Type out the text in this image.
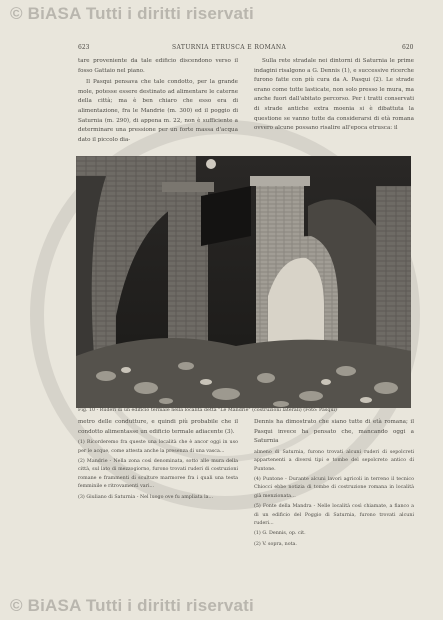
© BiASA Tutti i diritti riservati
623	SATURNIA ETRUSCA E ROMANA	620

tare proveniente da tale edificio discendono verso il fosso Gattaio nel piano.

Il Pasqui pensava che tale condotto, per la grande mole, potesse essere destinato ad alimentare le caterne della città; ma è ben chiaro che esso era di alimentazione, fra le Mandrie (m. 300) ed il poggio di Saturnia (m. 290), di appena m. 22, non è sufficiente a determinare una pressione per un forte massa d'acqua dato il piccolo dia-

Sulla rete stradale nei dintorni di Saturnia le prime indagini risalgono a G. Dennis (1), e successive ricerche furono fatte con più cura da A. Pasqui (2). Le strade erano come tutte lasticate, non solo presso le mura, ma anche fuori dall'abitato percorso. Per i tratti conservati di strade antiche extra moenia si è dibattuta la questione se vanno tutte da considerarsi di età romana ovvero alcune possano risalire all'epoca etrusca: il

Fig. 10 - Ruderi di un edificio termale nella località detta "Le Mandrie" (costruzioni laterali) (Foto: Pasqui)

metro delle condutture, e quindi più probabile che il condotto alimentasse un edificio termale adiacente (3).

(1) Ricorderemo fra queste una località che è ancor oggi in uso per le acque, come attesta anche la presenza di una vasca...

(2) Mandrie - Nella zona così denominata, sotto alle mura della città, sul lato di mezzogiorno, furono trovati ruderi di costruzioni romane e frammenti di sculture marmoree fra i quali una testa femminile e ritrovamenti vari...

(3) Giuliano di Saturnia - Nel luogo ove fu ampliata la...

Dennis ha dimostrato che siano tutte di età romana; il Pasqui invece ha pensato che, mancando oggi a Saturnia

almeno di Saturnia, furono trovati alcuni ruderi di sepolcreti appartenenti a diversi tipi e tombe del sepolcreto antico di Puntone.

(4) Puntone - Durante alcuni lavori agricoli in terreno il tecnico Chiocci ebbe notizia di tombe di costruzione romana in località già menzionata...

(5) Fonte della Mandra - Nelle località così chiamate, a fianco a di un edificio del Poggio di Saturnia, furono trovati alcuni ruderi...

(1) G. Dennis, op. cit.

(2) V. sopra, nota.

© BiASA Tutti i diritti riservati
